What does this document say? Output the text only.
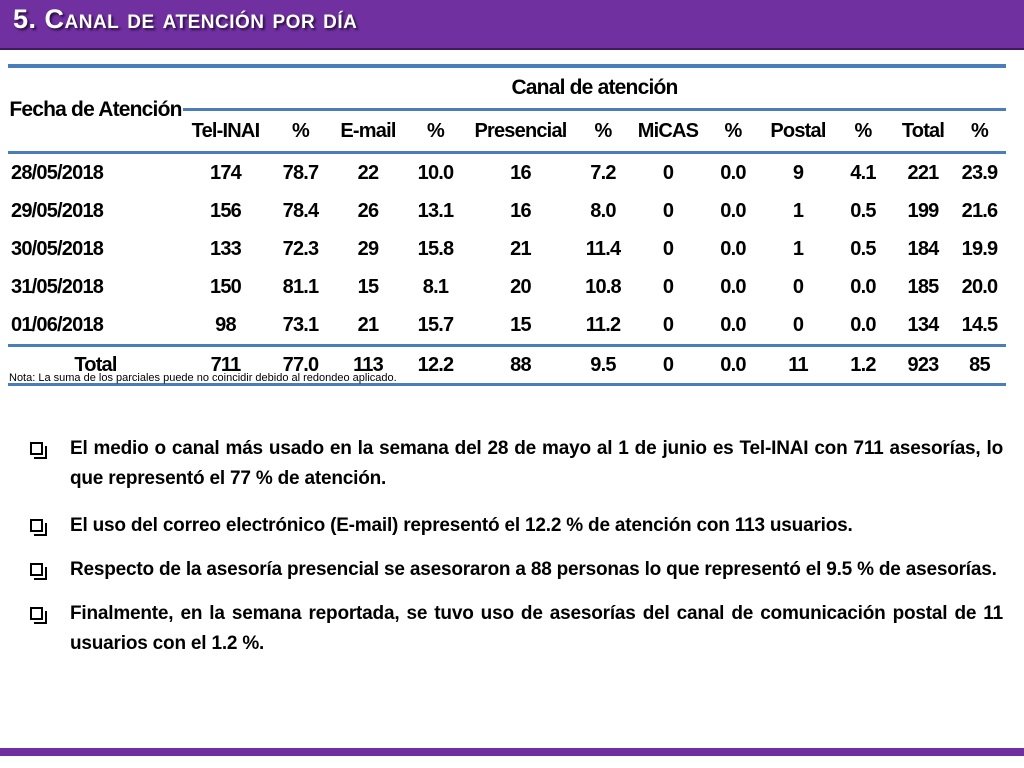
5. Canal de atención por día
Fecha de Atención	Canal de atención											
	Tel-INAI	%	E-mail	%	Presencial	%	MiCAS	%	Postal	%	Total	%
28/05/2018	174	78.7	22	10.0	16	7.2	0	0.0	9	4.1	221	23.9
29/05/2018	156	78.4	26	13.1	16	8.0	0	0.0	1	0.5	199	21.6
30/05/2018	133	72.3	29	15.8	21	11.4	0	0.0	1	0.5	184	19.9
31/05/2018	150	81.1	15	8.1	20	10.8	0	0.0	0	0.0	185	20.0
01/06/2018	98	73.1	21	15.7	15	11.2	0	0.0	0	0.0	134	14.5
Total	711	77.0	113	12.2	88	9.5	0	0.0	11	1.2	923	85
Nota: La suma de los parciales puede no coincidir debido al redondeo aplicado.
El medio o canal más usado en la semana del 28 de mayo al 1 de junio es Tel-INAI con 711 asesorías, lo que representó el 77 % de atención.
El uso del correo electrónico (E-mail) representó el 12.2 % de atención con 113 usuarios.
Respecto de la asesoría presencial se asesoraron a 88 personas lo que representó el 9.5 % de asesorías.
Finalmente, en la semana reportada, se tuvo uso de asesorías del canal de comunicación postal de 11 usuarios con el 1.2 %.
